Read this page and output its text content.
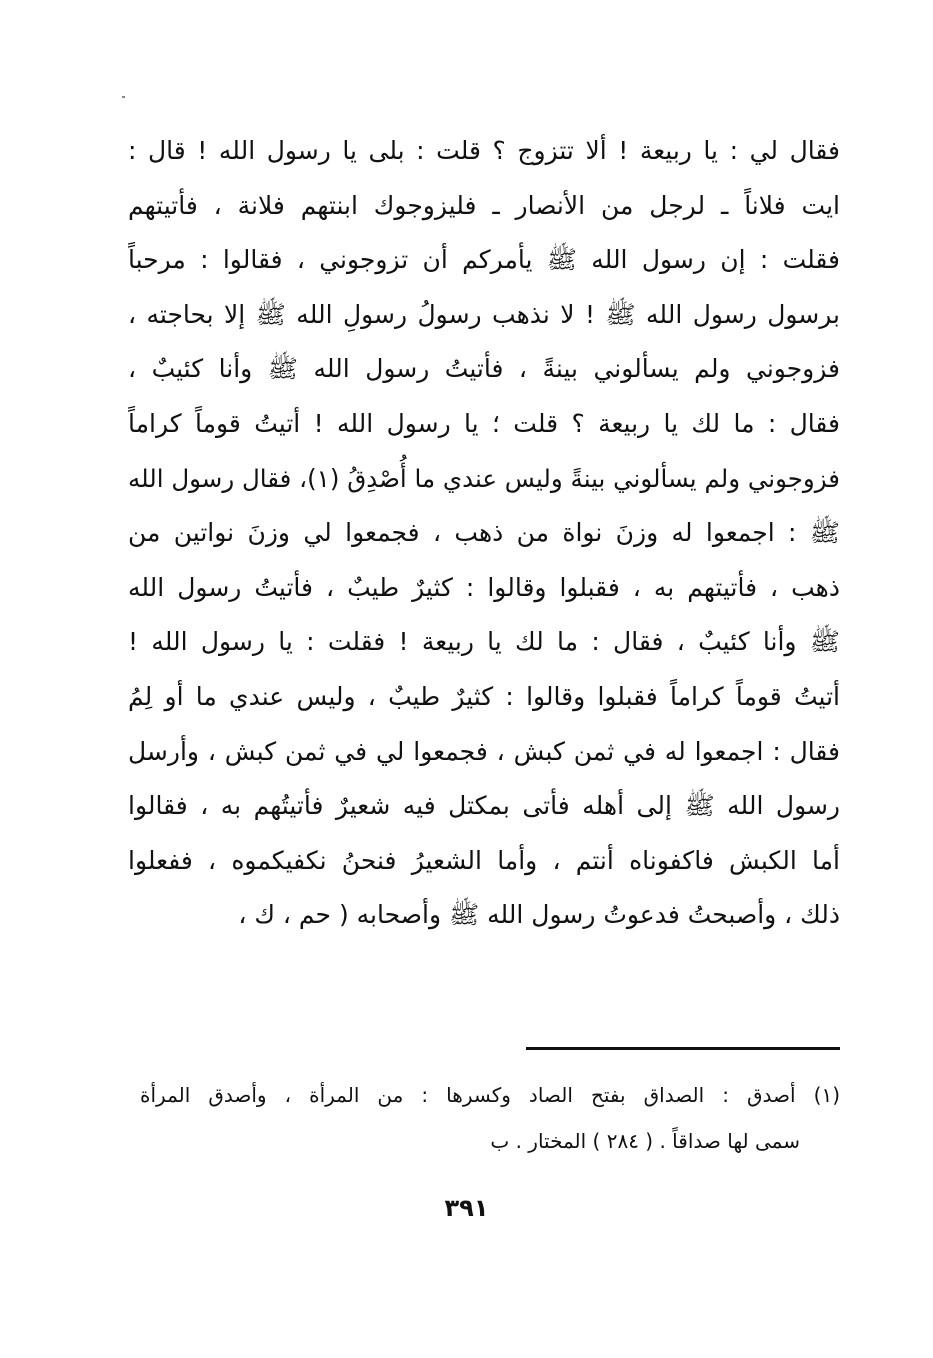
فقال لي : يا ربيعة ! ألا تتزوج ؟ قلت : بلى يا رسول الله ! قال :
ايت فلاناً ـ لرجل من الأنصار ـ فليزوجوك ابنتهم فلانة ، فأتيتهم
فقلت : إن رسول الله ﷺ يأمركم أن تزوجوني ، فقالوا : مرحباً
برسول رسول الله ﷺ ! لا نذهب رسولُ رسولِ الله ﷺ إلا بحاجته ،
فزوجوني ولم يسألوني بينةً ، فأتيتُ رسول الله ﷺ وأنا كئيبٌ ،
فقال : ما لك يا ربيعة ؟ قلت ؛ يا رسول الله ! أتيتُ قوماً كراماً
فزوجوني ولم يسألوني بينةً وليس عندي ما أُصْدِقُ (١)، فقال رسول الله
ﷺ : اجمعوا له وزنَ نواة من ذهب ، فجمعوا لي وزنَ نواتين من
ذهب ، فأتيتهم به ، فقبلوا وقالوا : كثيرٌ طيبٌ ، فأتيتُ رسول الله
ﷺ وأنا كئيبٌ ، فقال : ما لك يا ربيعة ! فقلت : يا رسول الله !
أتيتُ قوماً كراماً فقبلوا وقالوا : كثيرٌ طيبٌ ، وليس عندي ما أو لِمُ
فقال : اجمعوا له في ثمن كبش ، فجمعوا لي في ثمن كبش ، وأرسل
رسول الله ﷺ إلى أهله فأتى بمكتل فيه شعيرٌ فأتيتُهم به ، فقالوا
أما الكبش فاكفوناه أنتم ، وأما الشعيرُ فنحنُ نكفيكموه ، ففعلوا
ذلك ، وأصبحتُ فدعوتُ رسول الله ﷺ وأصحابه ( حم ، ك ،
(١) أصدق : الصداق بفتح الصاد وكسرها : من المرأة ، وأصدق المرأة
سمى لها صداقاً . ( ٢٨٤ ) المختار . ب
٣٩١
